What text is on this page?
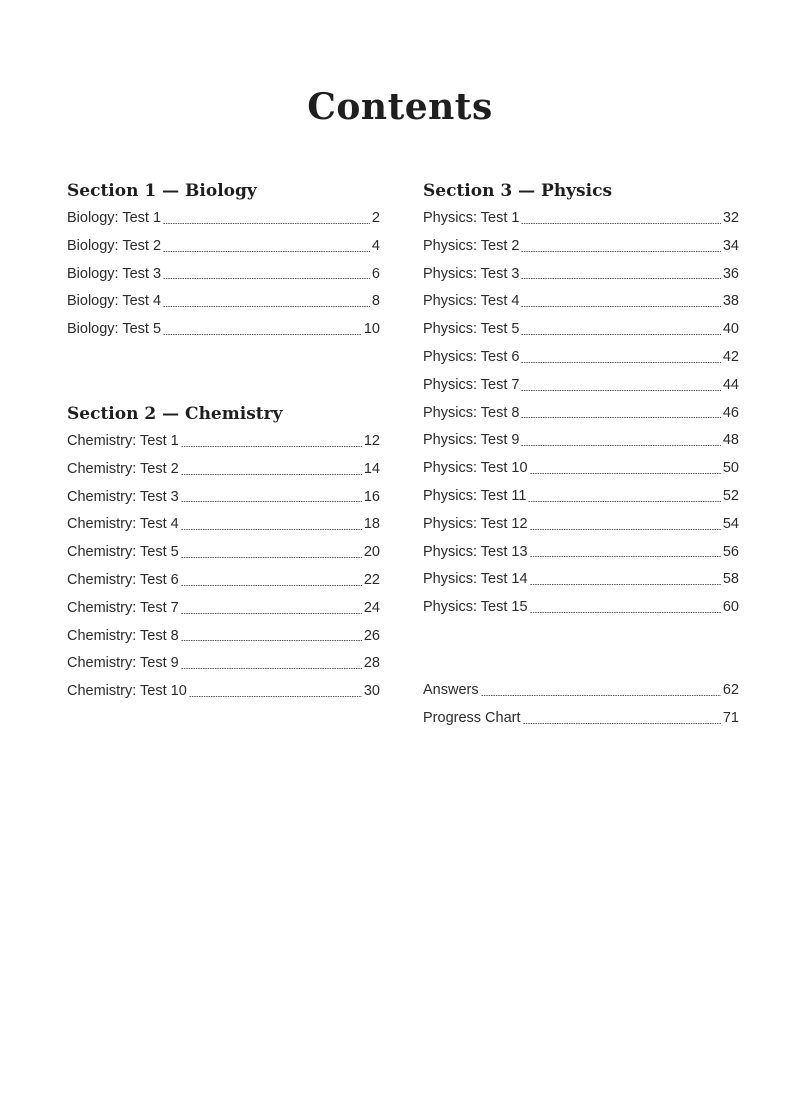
Contents
Section 1 — Biology
Biology: Test 1	2
Biology: Test 2	4
Biology: Test 3	6
Biology: Test 4	8
Biology: Test 5	10
Section 2 — Chemistry
Chemistry: Test 1	12
Chemistry: Test 2	14
Chemistry: Test 3	16
Chemistry: Test 4	18
Chemistry: Test 5	20
Chemistry: Test 6	22
Chemistry: Test 7	24
Chemistry: Test 8	26
Chemistry: Test 9	28
Chemistry: Test 10	30
Section 3 — Physics
Physics: Test 1	32
Physics: Test 2	34
Physics: Test 3	36
Physics: Test 4	38
Physics: Test 5	40
Physics: Test 6	42
Physics: Test 7	44
Physics: Test 8	46
Physics: Test 9	48
Physics: Test 10	50
Physics: Test 11	52
Physics: Test 12	54
Physics: Test 13	56
Physics: Test 14	58
Physics: Test 15	60
Answers	62
Progress Chart	71
